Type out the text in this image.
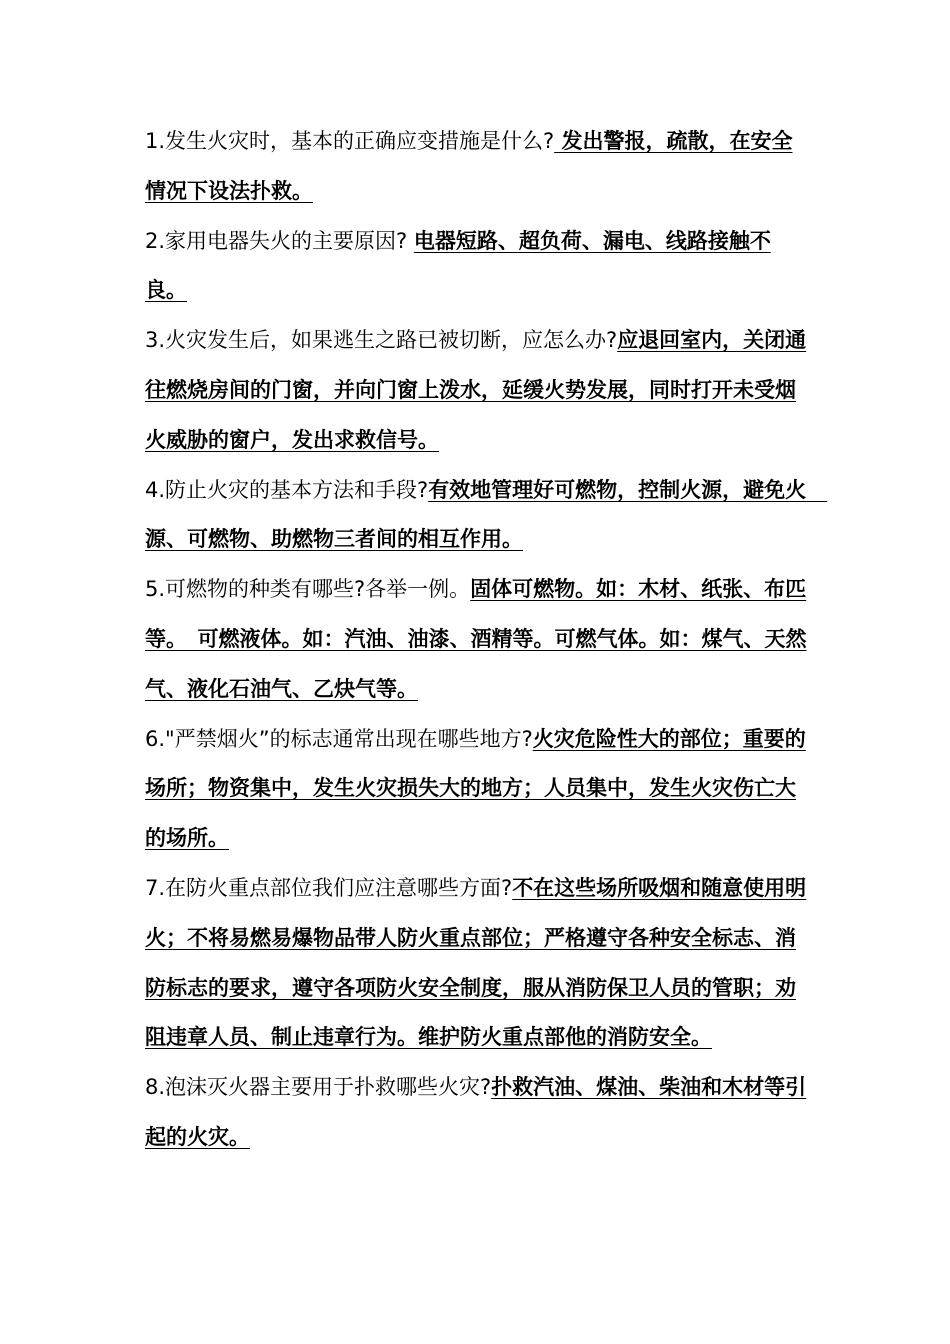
1.发生火灾时，基本的正确应变措施是什么? 发出警报，疏散，在安全情况下设法扑救。

2.家用电器失火的主要原因? 电器短路、超负荷、漏电、线路接触不良。

3.火灾发生后，如果逃生之路已被切断，应怎么办?应退回室内，关闭通往燃烧房间的门窗，并向门窗上泼水，延缓火势发展，同时打开未受烟火威胁的窗户，发出求救信号。

4.防止火灾的基本方法和手段?有效地管理好可燃物，控制火源，避免火　源、可燃物、助燃物三者间的相互作用。

5.可燃物的种类有哪些?各举一例。固体可燃物。如：木材、纸张、布匹等。　可燃液体。如：汽油、油漆、酒精等。可燃气体。如：煤气、天然气、液化石油气、乙炔气等。

6."严禁烟火”的标志通常出现在哪些地方?火灾危险性大的部位；重要的场所；物资集中，发生火灾损失大的地方；人员集中，发生火灾伤亡大的场所。

7.在防火重点部位我们应注意哪些方面?不在这些场所吸烟和随意使用明火；不将易燃易爆物品带人防火重点部位；严格遵守各种安全标志、消防标志的要求，遵守各项防火安全制度，服从消防保卫人员的管职；劝阻违章人员、制止违章行为。维护防火重点部他的消防安全。

8.泡沫灭火器主要用于扑救哪些火灾?扑救汽油、煤油、柴油和木材等引起的火灾。
